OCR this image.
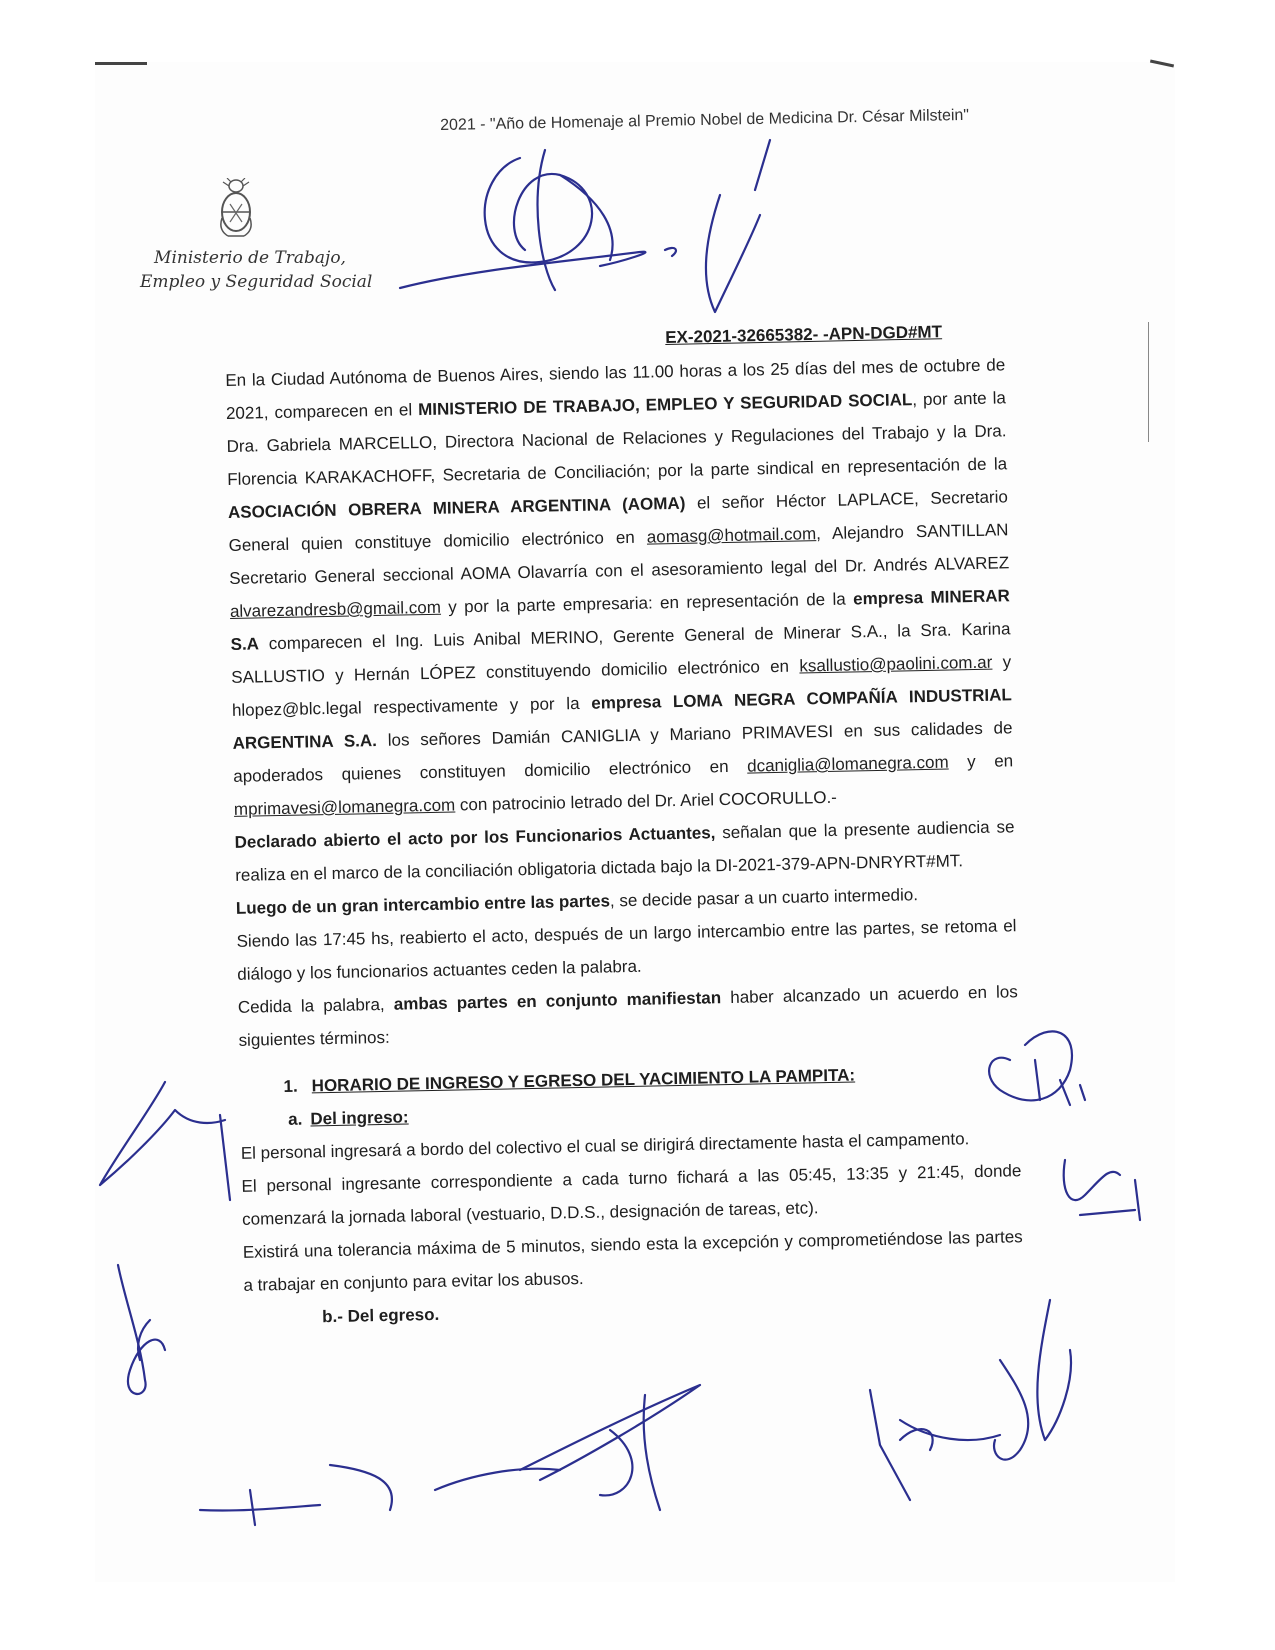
2021 - "Año de Homenaje al Premio Nobel de Medicina Dr. César Milstein"
Ministerio de Trabajo,
Empleo y Seguridad Social
EX-2021-32665382- -APN-DGD#MT

En la Ciudad Autónoma de Buenos Aires, siendo las 11.00 horas a los 25 días del mes de octubre de 2021, comparecen en el MINISTERIO DE TRABAJO, EMPLEO Y SEGURIDAD SOCIAL, por ante la Dra. Gabriela MARCELLO, Directora Nacional de Relaciones y Regulaciones del Trabajo y la Dra. Florencia KARAKACHOFF, Secretaria de Conciliación; por la parte sindical en representación de la ASOCIACIÓN OBRERA MINERA ARGENTINA (AOMA) el señor Héctor LAPLACE, Secretario General quien constituye domicilio electrónico en aomasg@hotmail.com, Alejandro SANTILLAN Secretario General seccional AOMA Olavarría con el asesoramiento legal del Dr. Andrés ALVAREZ alvarezandresb@gmail.com y por la parte empresaria: en representación de la empresa MINERAR S.A comparecen el Ing. Luis Anibal MERINO, Gerente General de Minerar S.A., la Sra. Karina SALLUSTIO y Hernán LÓPEZ constituyendo domicilio electrónico en ksallustio@paolini.com.ar y hlopez@blc.legal respectivamente y por la empresa LOMA NEGRA COMPAÑÍA INDUSTRIAL ARGENTINA S.A. los señores Damián CANIGLIA y Mariano PRIMAVESI en sus calidades de apoderados quienes constituyen domicilio electrónico en dcaniglia@lomanegra.com y en mprimavesi@lomanegra.com con patrocinio letrado del Dr. Ariel COCORULLO.-

Declarado abierto el acto por los Funcionarios Actuantes, señalan que la presente audiencia se realiza en el marco de la conciliación obligatoria dictada bajo la DI-2021-379-APN-DNRYRT#MT.

Luego de un gran intercambio entre las partes, se decide pasar a un cuarto intermedio.

Siendo las 17:45 hs, reabierto el acto, después de un largo intercambio entre las partes, se retoma el diálogo y los funcionarios actuantes ceden la palabra.

Cedida la palabra, ambas partes en conjunto manifiestan haber alcanzado un acuerdo en los siguientes términos:

1. HORARIO DE INGRESO Y EGRESO DEL YACIMIENTO LA PAMPITA:

a. Del ingreso:

El personal ingresará a bordo del colectivo el cual se dirigirá directamente hasta el campamento.

El personal ingresante correspondiente a cada turno fichará a las 05:45, 13:35 y 21:45, donde comenzará la jornada laboral (vestuario, D.D.S., designación de tareas, etc).

Existirá una tolerancia máxima de 5 minutos, siendo esta la excepción y comprometiéndose las partes a trabajar en conjunto para evitar los abusos.

b.- Del egreso.
